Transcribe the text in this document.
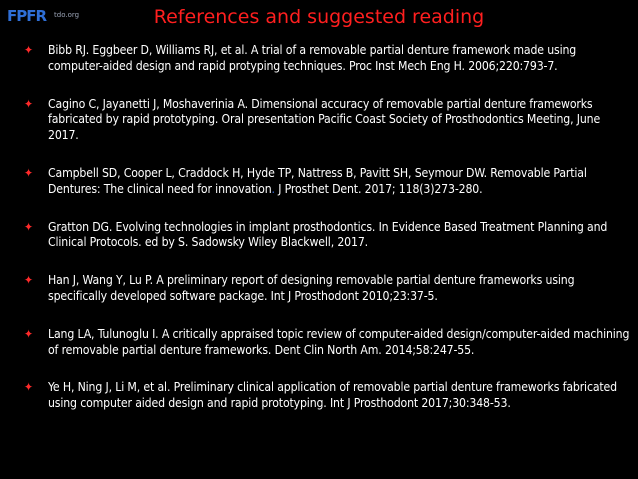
FPFR	tdo.org	References and suggested reading
✦ Bibb RJ. Eggbeer D, Williams RJ, et al. A trial of a removable partial denture framework made using computer-aided design and rapid protyping techniques. Proc Inst Mech Eng H. 2006;220:793-7.
✦ Cagino C, Jayanetti J, Moshaverinia A. Dimensional accuracy of removable partial denture frameworks fabricated by rapid prototyping. Oral presentation Pacific Coast Society of Prosthodontics Meeting, June 2017.
✦ Campbell SD, Cooper L, Craddock H, Hyde TP, Nattress B, Pavitt SH, Seymour DW. Removable Partial Dentures: The clinical need for innovation. J Prosthet Dent. 2017; 118(3)273-280.
✦ Gratton DG. Evolving technologies in implant prosthodontics. In Evidence Based Treatment Planning and Clinical Protocols. ed by S. Sadowsky Wiley Blackwell, 2017.
✦ Han J, Wang Y, Lu P. A preliminary report of designing removable partial denture frameworks using specifically developed software package. Int J Prosthodont 2010;23:37-5.
✦ Lang LA, Tulunoglu I. A critically appraised topic review of computer-aided design/computer-aided machining of removable partial denture frameworks. Dent Clin North Am. 2014;58:247-55.
✦ Ye H, Ning J, Li M, et al. Preliminary clinical application of removable partial denture frameworks fabricated using computer aided design and rapid prototyping. Int J Prosthodont 2017;30:348-53.
